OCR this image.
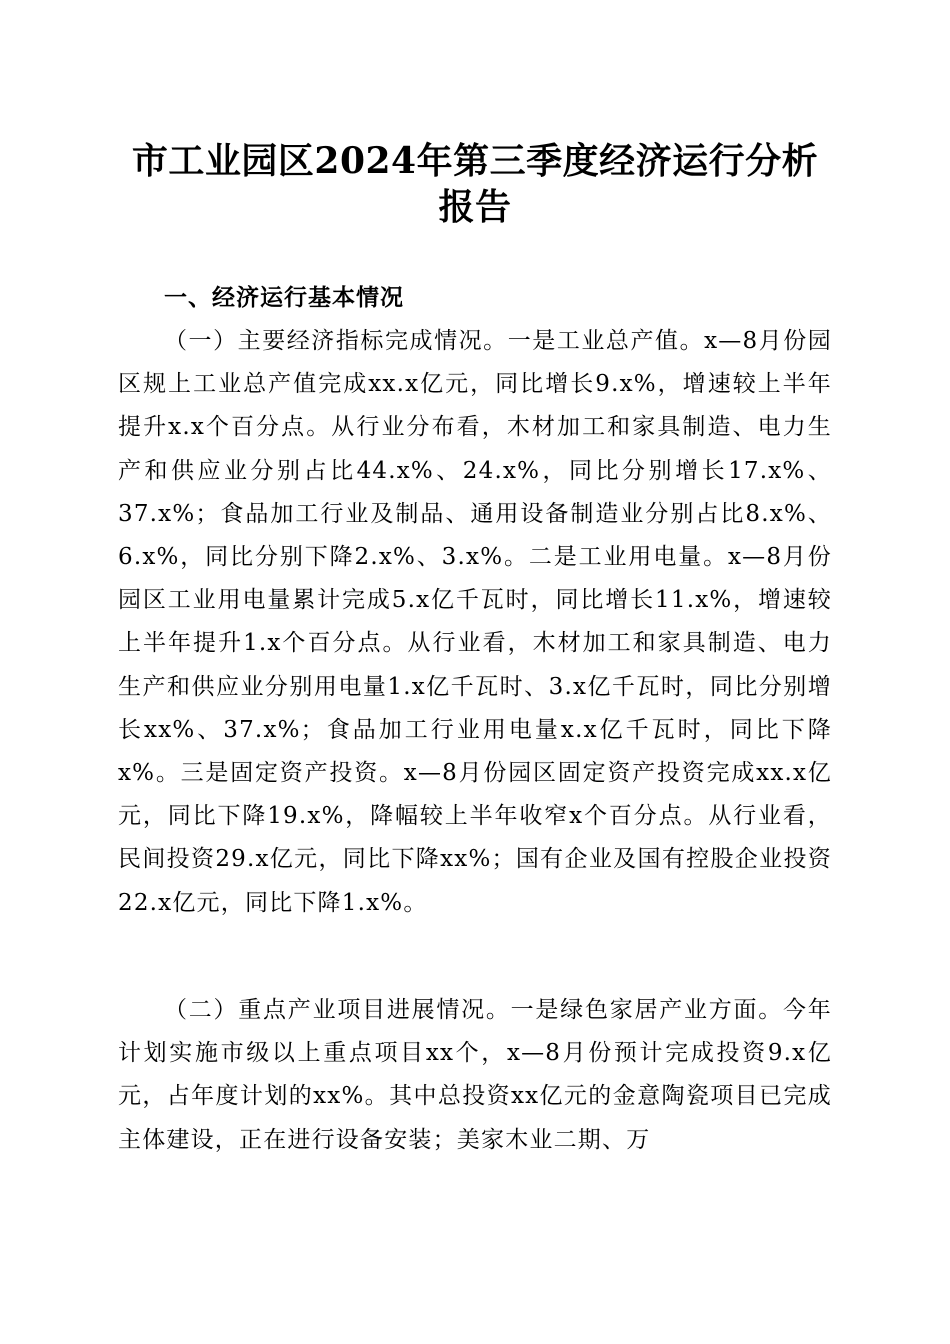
市工业园区2024年第三季度经济运行分析报告
一、经济运行基本情况

（一）主要经济指标完成情况。一是工业总产值。x—8月份园区规上工业总产值完成xx.x亿元，同比增长9.x%，增速较上半年提升x.x个百分点。从行业分布看，木材加工和家具制造、电力生产和供应业分别占比44.x%、24.x%，同比分别增长17.x%、37.x%；食品加工行业及制品、通用设备制造业分别占比8.x%、6.x%，同比分别下降2.x%、3.x%。二是工业用电量。x—8月份园区工业用电量累计完成5.x亿千瓦时，同比增长11.x%，增速较上半年提升1.x个百分点。从行业看，木材加工和家具制造、电力生产和供应业分别用电量1.x亿千瓦时、3.x亿千瓦时，同比分别增长xx%、37.x%；食品加工行业用电量x.x亿千瓦时，同比下降x%。三是固定资产投资。x—8月份园区固定资产投资完成xx.x亿元，同比下降19.x%，降幅较上半年收窄x个百分点。从行业看，民间投资29.x亿元，同比下降xx%；国有企业及国有控股企业投资22.x亿元，同比下降1.x%。

（二）重点产业项目进展情况。一是绿色家居产业方面。今年计划实施市级以上重点项目xx个，x—8月份预计完成投资9.x亿元，占年度计划的xx%。其中总投资xx亿元的金意陶瓷项目已完成主体建设，正在进行设备安装；美家木业二期、万
